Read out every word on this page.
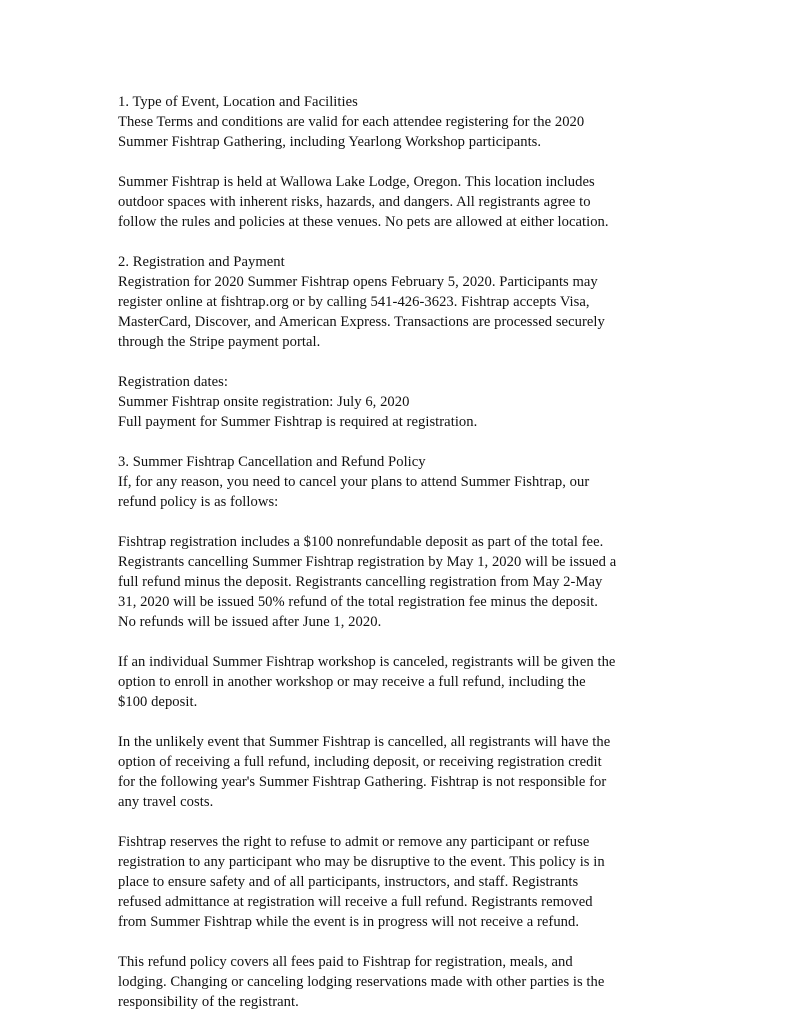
1. Type of Event, Location and Facilities
These Terms and conditions are valid for each attendee registering for the 2020
Summer Fishtrap Gathering, including Yearlong Workshop participants.
Summer Fishtrap is held at Wallowa Lake Lodge, Oregon. This location includes
outdoor spaces with inherent risks, hazards, and dangers. All registrants agree to
follow the rules and policies at these venues. No pets are allowed at either location.
2. Registration and Payment
Registration for 2020 Summer Fishtrap opens February 5, 2020. Participants may
register online at fishtrap.org or by calling 541-426-3623. Fishtrap accepts Visa,
MasterCard, Discover, and American Express. Transactions are processed securely
through the Stripe payment portal.
Registration dates:
Summer Fishtrap onsite registration: July 6, 2020
Full payment for Summer Fishtrap is required at registration.
3. Summer Fishtrap Cancellation and Refund Policy
If, for any reason, you need to cancel your plans to attend Summer Fishtrap, our
refund policy is as follows:
Fishtrap registration includes a $100 nonrefundable deposit as part of the total fee.
Registrants cancelling Summer Fishtrap registration by May 1, 2020 will be issued a
full refund minus the deposit. Registrants cancelling registration from May 2-May
31, 2020 will be issued 50% refund of the total registration fee minus the deposit.
No refunds will be issued after June 1, 2020.
If an individual Summer Fishtrap workshop is canceled, registrants will be given the
option to enroll in another workshop or may receive a full refund, including the
$100 deposit.
In the unlikely event that Summer Fishtrap is cancelled, all registrants will have the
option of receiving a full refund, including deposit, or receiving registration credit
for the following year's Summer Fishtrap Gathering. Fishtrap is not responsible for
any travel costs.
Fishtrap reserves the right to refuse to admit or remove any participant or refuse
registration to any participant who may be disruptive to the event. This policy is in
place to ensure safety and of all participants, instructors, and staff. Registrants
refused admittance at registration will receive a full refund. Registrants removed
from Summer Fishtrap while the event is in progress will not receive a refund.
This refund policy covers all fees paid to Fishtrap for registration, meals, and
lodging. Changing or canceling lodging reservations made with other parties is the
responsibility of the registrant.
